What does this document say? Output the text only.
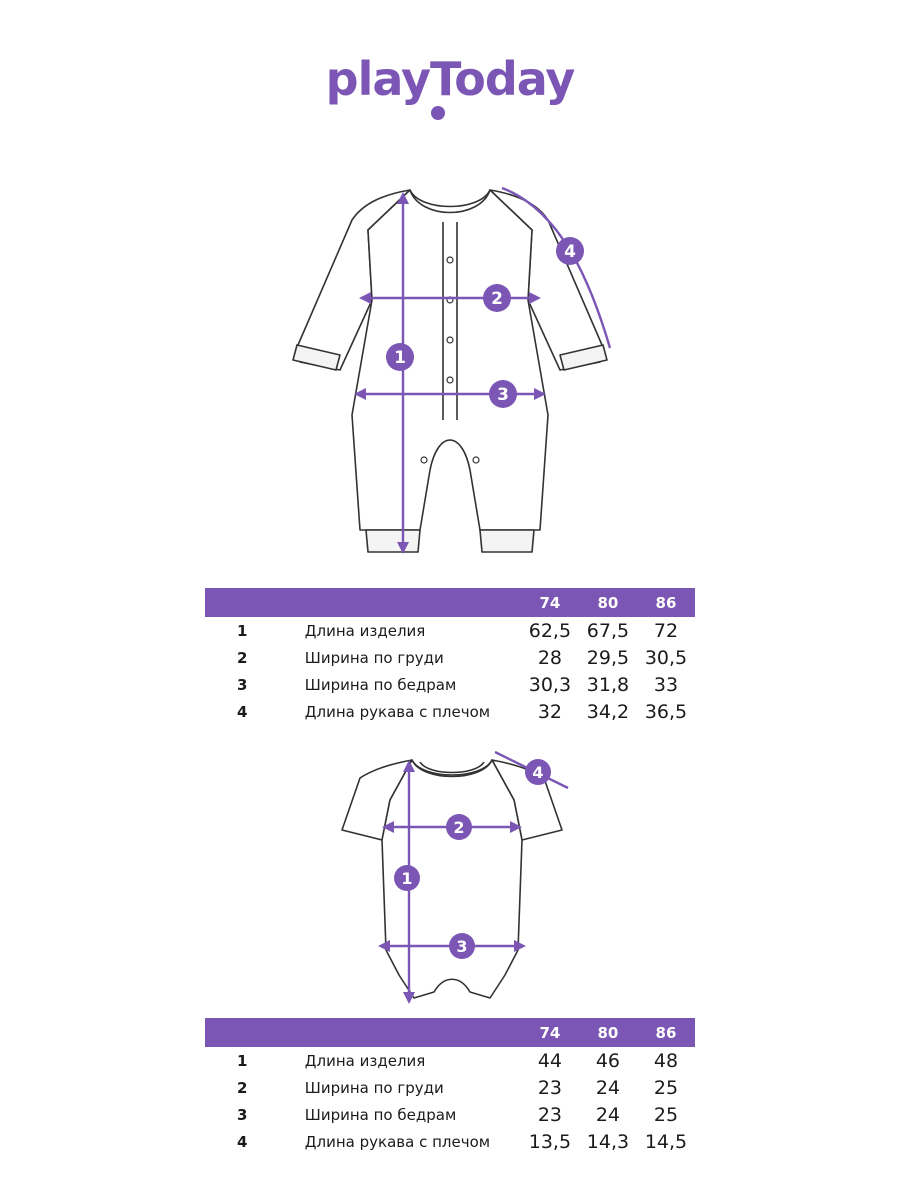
playToday
1
2
3
4
		74	80	86
1	Длина изделия	62,5	67,5	72
2	Ширина по груди	28	29,5	30,5
3	Ширина по бедрам	30,3	31,8	33
4	Длина рукава с плечом	32	34,2	36,5
1
2
3
4
		74	80	86
1	Длина изделия	44	46	48
2	Ширина по груди	23	24	25
3	Ширина по бедрам	23	24	25
4	Длина рукава с плечом	13,5	14,3	14,5
